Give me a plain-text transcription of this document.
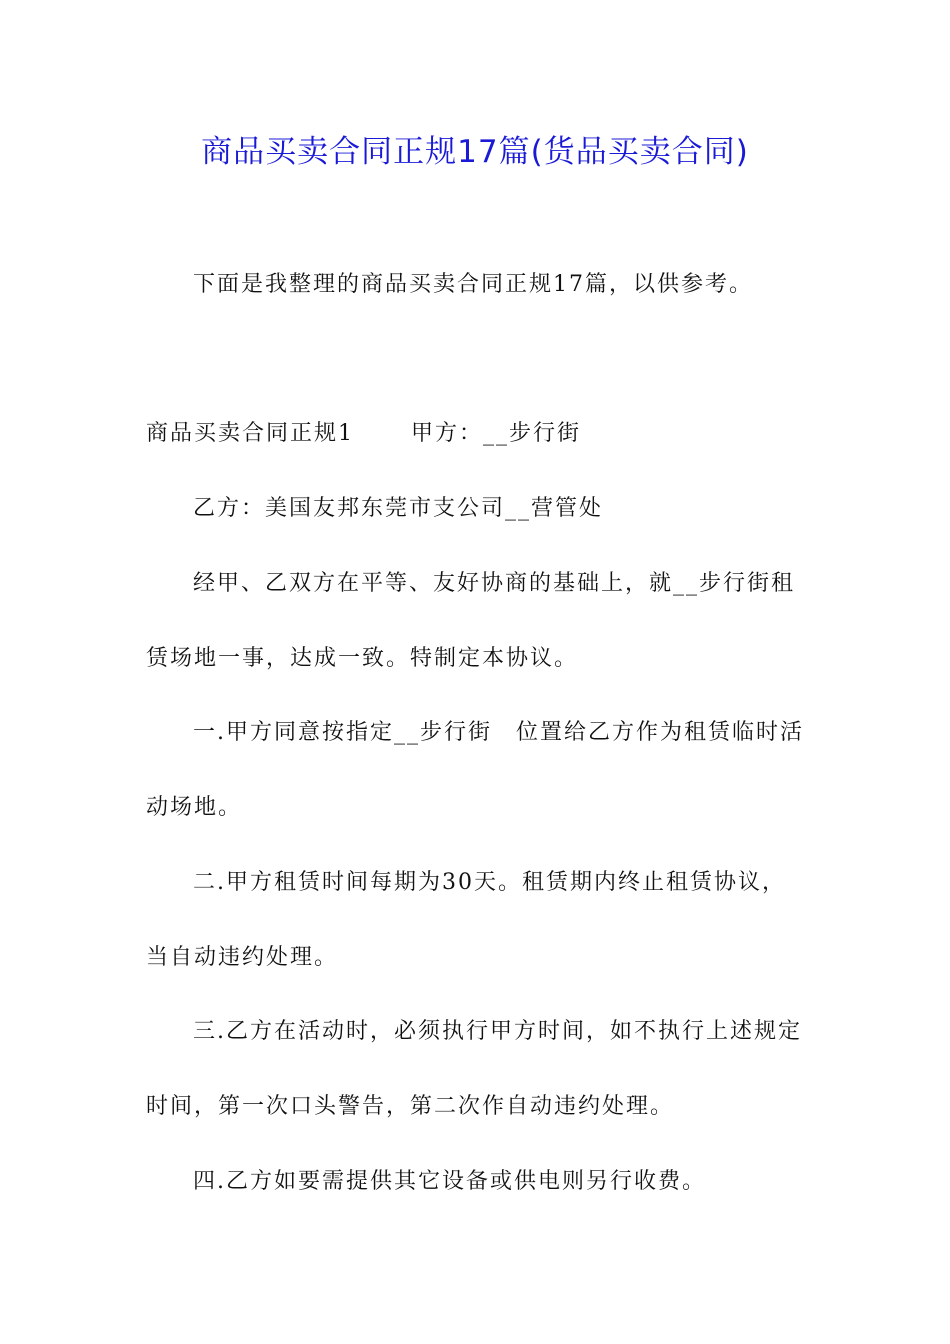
商品买卖合同正规17篇(货品买卖合同)
下面是我整理的商品买卖合同正规17篇，以供参考。
商品买卖合同正规1　　 甲方：__步行街
乙方：美国友邦东莞市支公司__营管处
经甲、乙双方在平等、友好协商的基础上，就__步行街租
赁场地一事，达成一致。特制定本协议。
一.甲方同意按指定__步行街　位置给乙方作为租赁临时活
动场地。
二.甲方租赁时间每期为30天。租赁期内终止租赁协议，
当自动违约处理。
三.乙方在活动时，必须执行甲方时间，如不执行上述规定
时间，第一次口头警告，第二次作自动违约处理。
四.乙方如要需提供其它设备或供电则另行收费。
